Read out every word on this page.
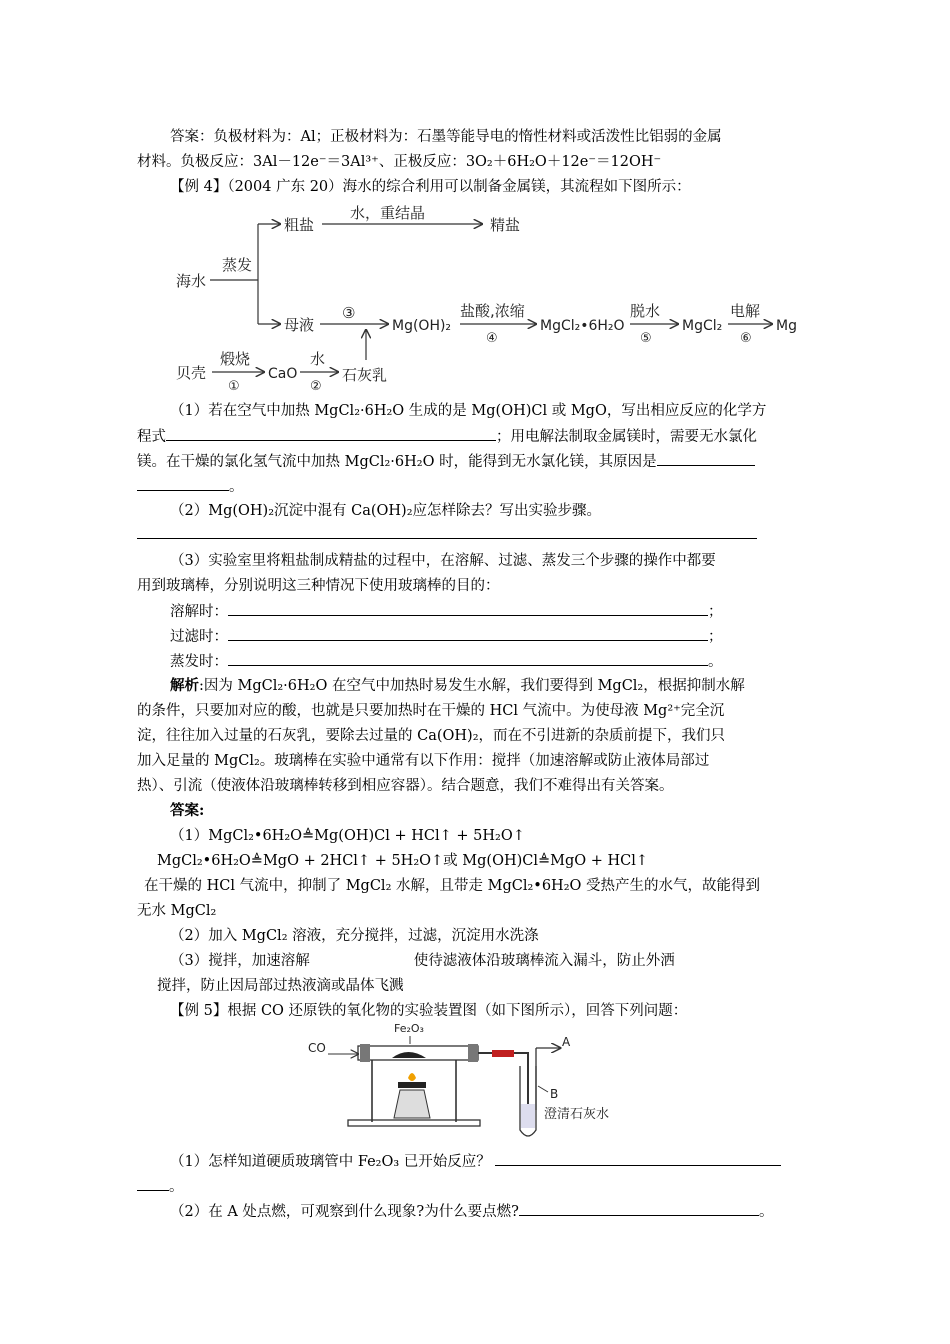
答案：负极材料为：Al；正极材料为：石墨等能导电的惰性材料或活泼性比铝弱的金属
材料。负极反应：3Al－12e⁻＝3Al³⁺、正极反应：3O₂＋6H₂O＋12e⁻＝12OH⁻
【例 4】（2004 广东 20）海水的综合利用可以制备金属镁，其流程如下图所示：
海水
蒸发
粗盐
水，重结晶
精盐
母液
③
Mg(OH)₂
盐酸,浓缩
④
MgCl₂•6H₂O
脱水
⑤
MgCl₂
电解
⑥
Mg
贝壳
煅烧
①
CaO
水
②
石灰乳
（1）若在空气中加热 MgCl₂·6H₂O 生成的是 Mg(OH)Cl 或 MgO，写出相应反应的化学方
程式	；用电解法制取金属镁时，需要无水氯化
镁。在干燥的氯化氢气流中加热 MgCl₂·6H₂O 时，能得到无水氯化镁，其原因是
。
（2）Mg(OH)₂沉淀中混有 Ca(OH)₂应怎样除去？写出实验步骤。
（3）实验室里将粗盐制成精盐的过程中，在溶解、过滤、蒸发三个步骤的操作中都要
用到玻璃棒，分别说明这三种情况下使用玻璃棒的目的：
溶解时：	；
过滤时：	；
蒸发时：	。
解析:因为 MgCl₂·6H₂O 在空气中加热时易发生水解，我们要得到 MgCl₂，根据抑制水解
的条件，只要加对应的酸，也就是只要加热时在干燥的 HCl 气流中。为使母液 Mg²⁺完全沉
淀，往往加入过量的石灰乳，要除去过量的 Ca(OH)₂，而在不引进新的杂质前提下，我们只
加入足量的 MgCl₂。玻璃棒在实验中通常有以下作用：搅拌（加速溶解或防止液体局部过
热）、引流（使液体沿玻璃棒转移到相应容器）。结合题意，我们不难得出有关答案。
答案:
（1）MgCl₂•6H₂O≜Mg(OH)Cl + HCl↑ + 5H₂O↑
MgCl₂•6H₂O≜MgO + 2HCl↑ + 5H₂O↑或 Mg(OH)Cl≜MgO + HCl↑
在干燥的 HCl 气流中，抑制了 MgCl₂ 水解，且带走 MgCl₂•6H₂O 受热产生的水气，故能得到
无水 MgCl₂
（2）加入 MgCl₂ 溶液，充分搅拌，过滤，沉淀用水洗涤
（3）搅拌，加速溶解	使待滤液体沿玻璃棒流入漏斗，防止外洒
搅拌，防止因局部过热液滴或晶体飞溅
【例 5】根据 CO 还原铁的氧化物的实验装置图（如下图所示），回答下列问题：
CO
Fe₂O₃
A
B
澄清石灰水
（1）怎样知道硬质玻璃管中 Fe₂O₃ 已开始反应？
。
（2）在 A 处点燃，可观察到什么现象?为什么要点燃?	。
